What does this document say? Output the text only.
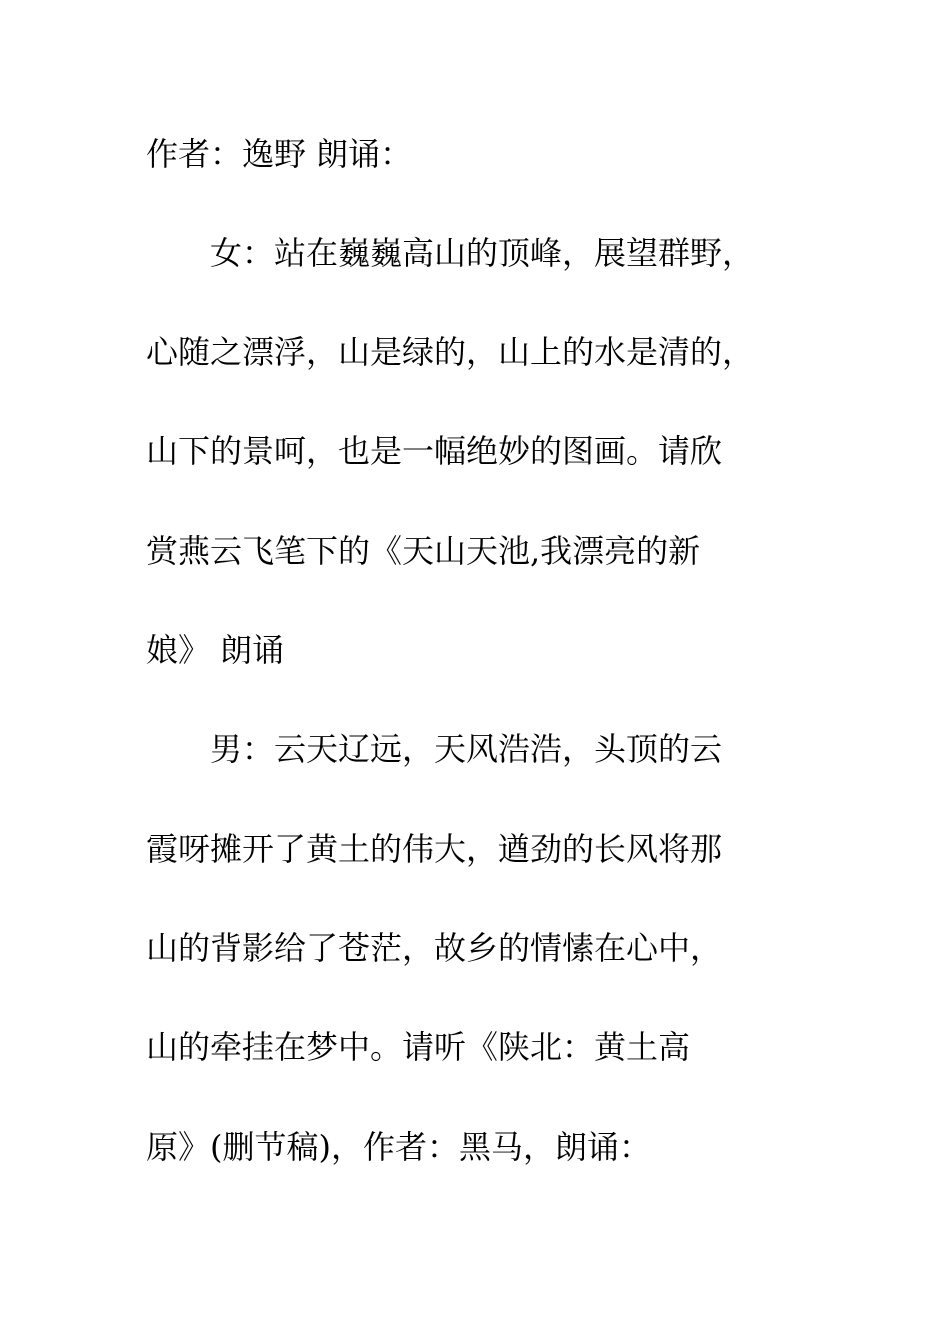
作者：逸野 朗诵：
　　女：站在巍巍高山的顶峰，展望群野，
心随之漂浮，山是绿的，山上的水是清的，
山下的景呵，也是一幅绝妙的图画。请欣
赏燕云飞笔下的《天山天池,我漂亮的新
娘》 朗诵
　　男：云天辽远，天风浩浩，头顶的云
霞呀摊开了黄土的伟大，遒劲的长风将那
山的背影给了苍茫，故乡的情愫在心中，
山的牵挂在梦中。请听《陕北：黄土高
原》(删节稿)，作者：黑马，朗诵：
